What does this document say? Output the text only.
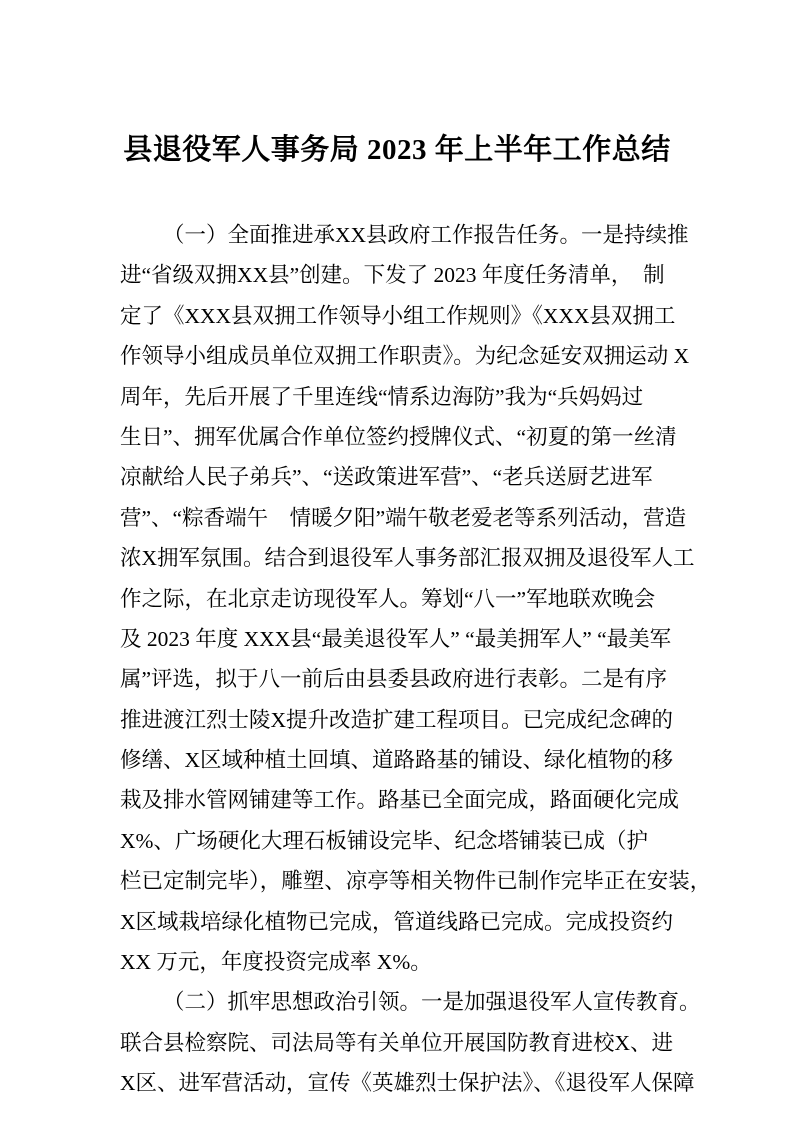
县退役军人事务局 2023 年上半年工作总结
（一）全面推进承XX县政府工作报告任务。一是持续推
进“省级双拥XX县”创建。下发了 2023 年度任务清单，　制
定了《XXX县双拥工作领导小组工作规则》《XXX县双拥工
作领导小组成员单位双拥工作职责》。为纪念延安双拥运动 X
周年，先后开展了千里连线“情系边海防”我为“兵妈妈过
生日”、拥军优属合作单位签约授牌仪式、“初夏的第一丝清
凉献给人民子弟兵”、“送政策进军营”、“老兵送厨艺进军
营”、“粽香端午　情暖夕阳”端午敬老爱老等系列活动，营造
浓X拥军氛围。结合到退役军人事务部汇报双拥及退役军人工
作之际，在北京走访现役军人。筹划“八一”军地联欢晚会
及 2023 年度 XXX县“最美退役军人” “最美拥军人” “最美军
属”评选，拟于八一前后由县委县政府进行表彰。二是有序
推进渡江烈士陵X提升改造扩建工程项目。已完成纪念碑的
修缮、X区域种植土回填、道路路基的铺设、绿化植物的移
栽及排水管网铺建等工作。路基已全面完成，路面硬化完成
X%、广场硬化大理石板铺设完毕、纪念塔铺装已成（护
栏已定制完毕），雕塑、凉亭等相关物件已制作完毕正在安装，
X区域栽培绿化植物已完成，管道线路已完成。完成投资约
XX 万元，年度投资完成率 X%。
（二）抓牢思想政治引领。一是加强退役军人宣传教育。
联合县检察院、司法局等有关单位开展国防教育进校X、进
X区、进军营活动，宣传《英雄烈士保护法》、《退役军人保障
